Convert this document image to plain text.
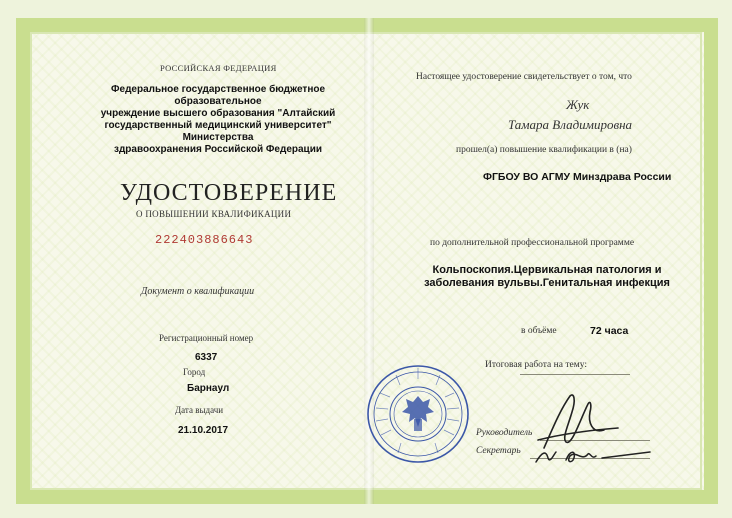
РОССИЙСКАЯ ФЕДЕРАЦИЯ
Федеральное государственное бюджетное образовательное
учреждение высшего образования "Алтайский
государственный медицинский университет" Министерства
здравоохранения Российской Федерации
УДОСТОВЕРЕНИЕ
О ПОВЫШЕНИИ КВАЛИФИКАЦИИ
222403886643
Документ о квалификации
Регистрационный номер
6337
Город
Барнаул
Дата выдачи
21.10.2017
Настоящее удостоверение свидетельствует о том, что
Жук
Тамара Владимировна
прошел(а) повышение квалификации в (на)
ФГБОУ ВО АГМУ Минздрава России
по дополнительной профессиональной программе
Кольпоскопия.Цервикальная патология и
заболевания вульвы.Генитальная инфекция
в объёме	72 часа
Итоговая работа на тему:
Руководитель
Секретарь
